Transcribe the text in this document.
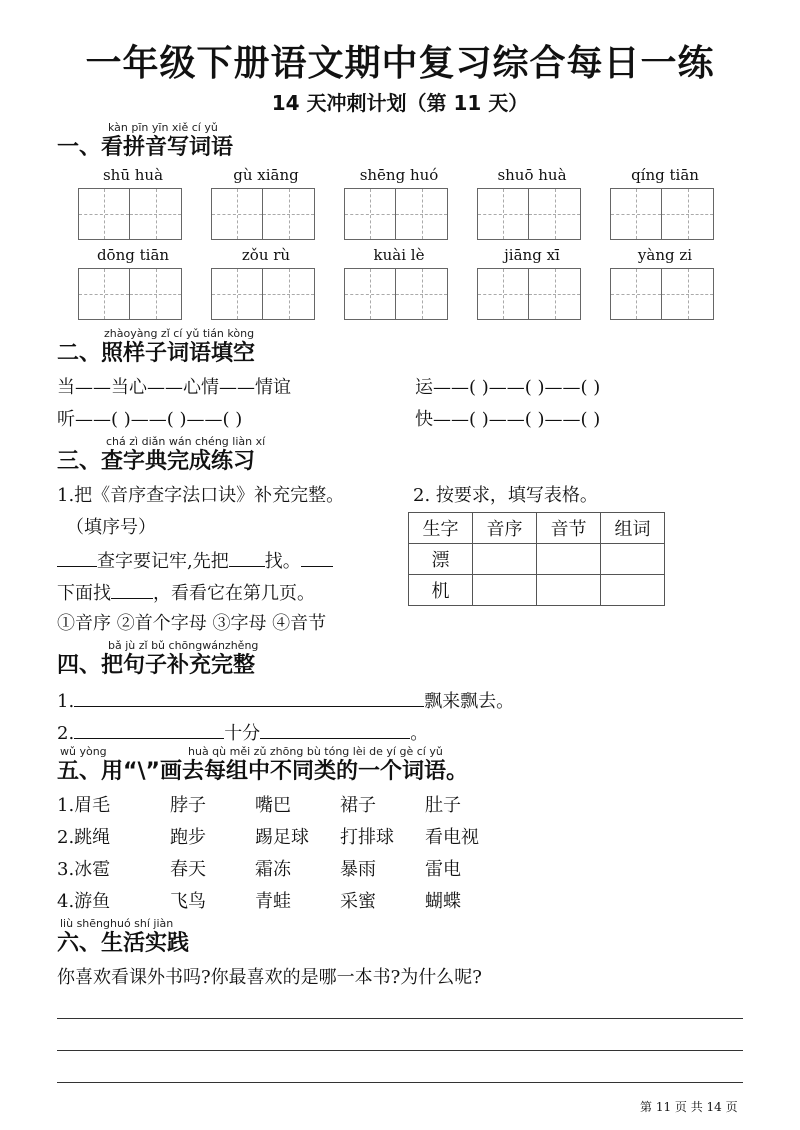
一年级下册语文期中复习综合每日一练
14 天冲刺计划（第 11 天）
kàn pīn yīn xiě cí yǔ
一、看拼音写词语
shū huà	gù xiāng	shēng huó	shuō huà	qíng tiān
dōng tiān	zǒu rù	kuài lè	jiāng xī	yàng zi
zhàoyàng zǐ cí yǔ tián kòng
二、照样子词语填空
当——当心——心情——情谊	运——( )——( )——( )
听——( )——( )——( )	快——( )——( )——( )
chá zì diǎn wán chéng liàn xí
三、查字典完成练习
1.把《音序查字法口诀》补充完整。
（填序号）
查字要记牢,先把 找。
下面找 ，看看它在第几页。
①音序 ②首个字母 ③字母 ④音节
2. 按要求，填写表格。
生字	音序	音节	组词
漂			
机			
bǎ jù zǐ bǔ chōngwánzhěng
四、把句子补充完整
1.	飘来飘去。
2.	十分	。
wǔ yòng	huà qù měi zǔ zhōng bù tóng lèi de yí gè cí yǔ
五、用“\”画去每组中不同类的一个词语。
1.眉毛	脖子	嘴巴	裙子	肚子
2.跳绳	跑步	踢足球	打排球	看电视
3.冰雹	春天	霜冻	暴雨	雷电
4.游鱼	飞鸟	青蛙	采蜜	蝴蝶
liù shēnghuó shí jiàn
六、生活实践
你喜欢看课外书吗?你最喜欢的是哪一本书?为什么呢?
第 11 页 共 14 页
